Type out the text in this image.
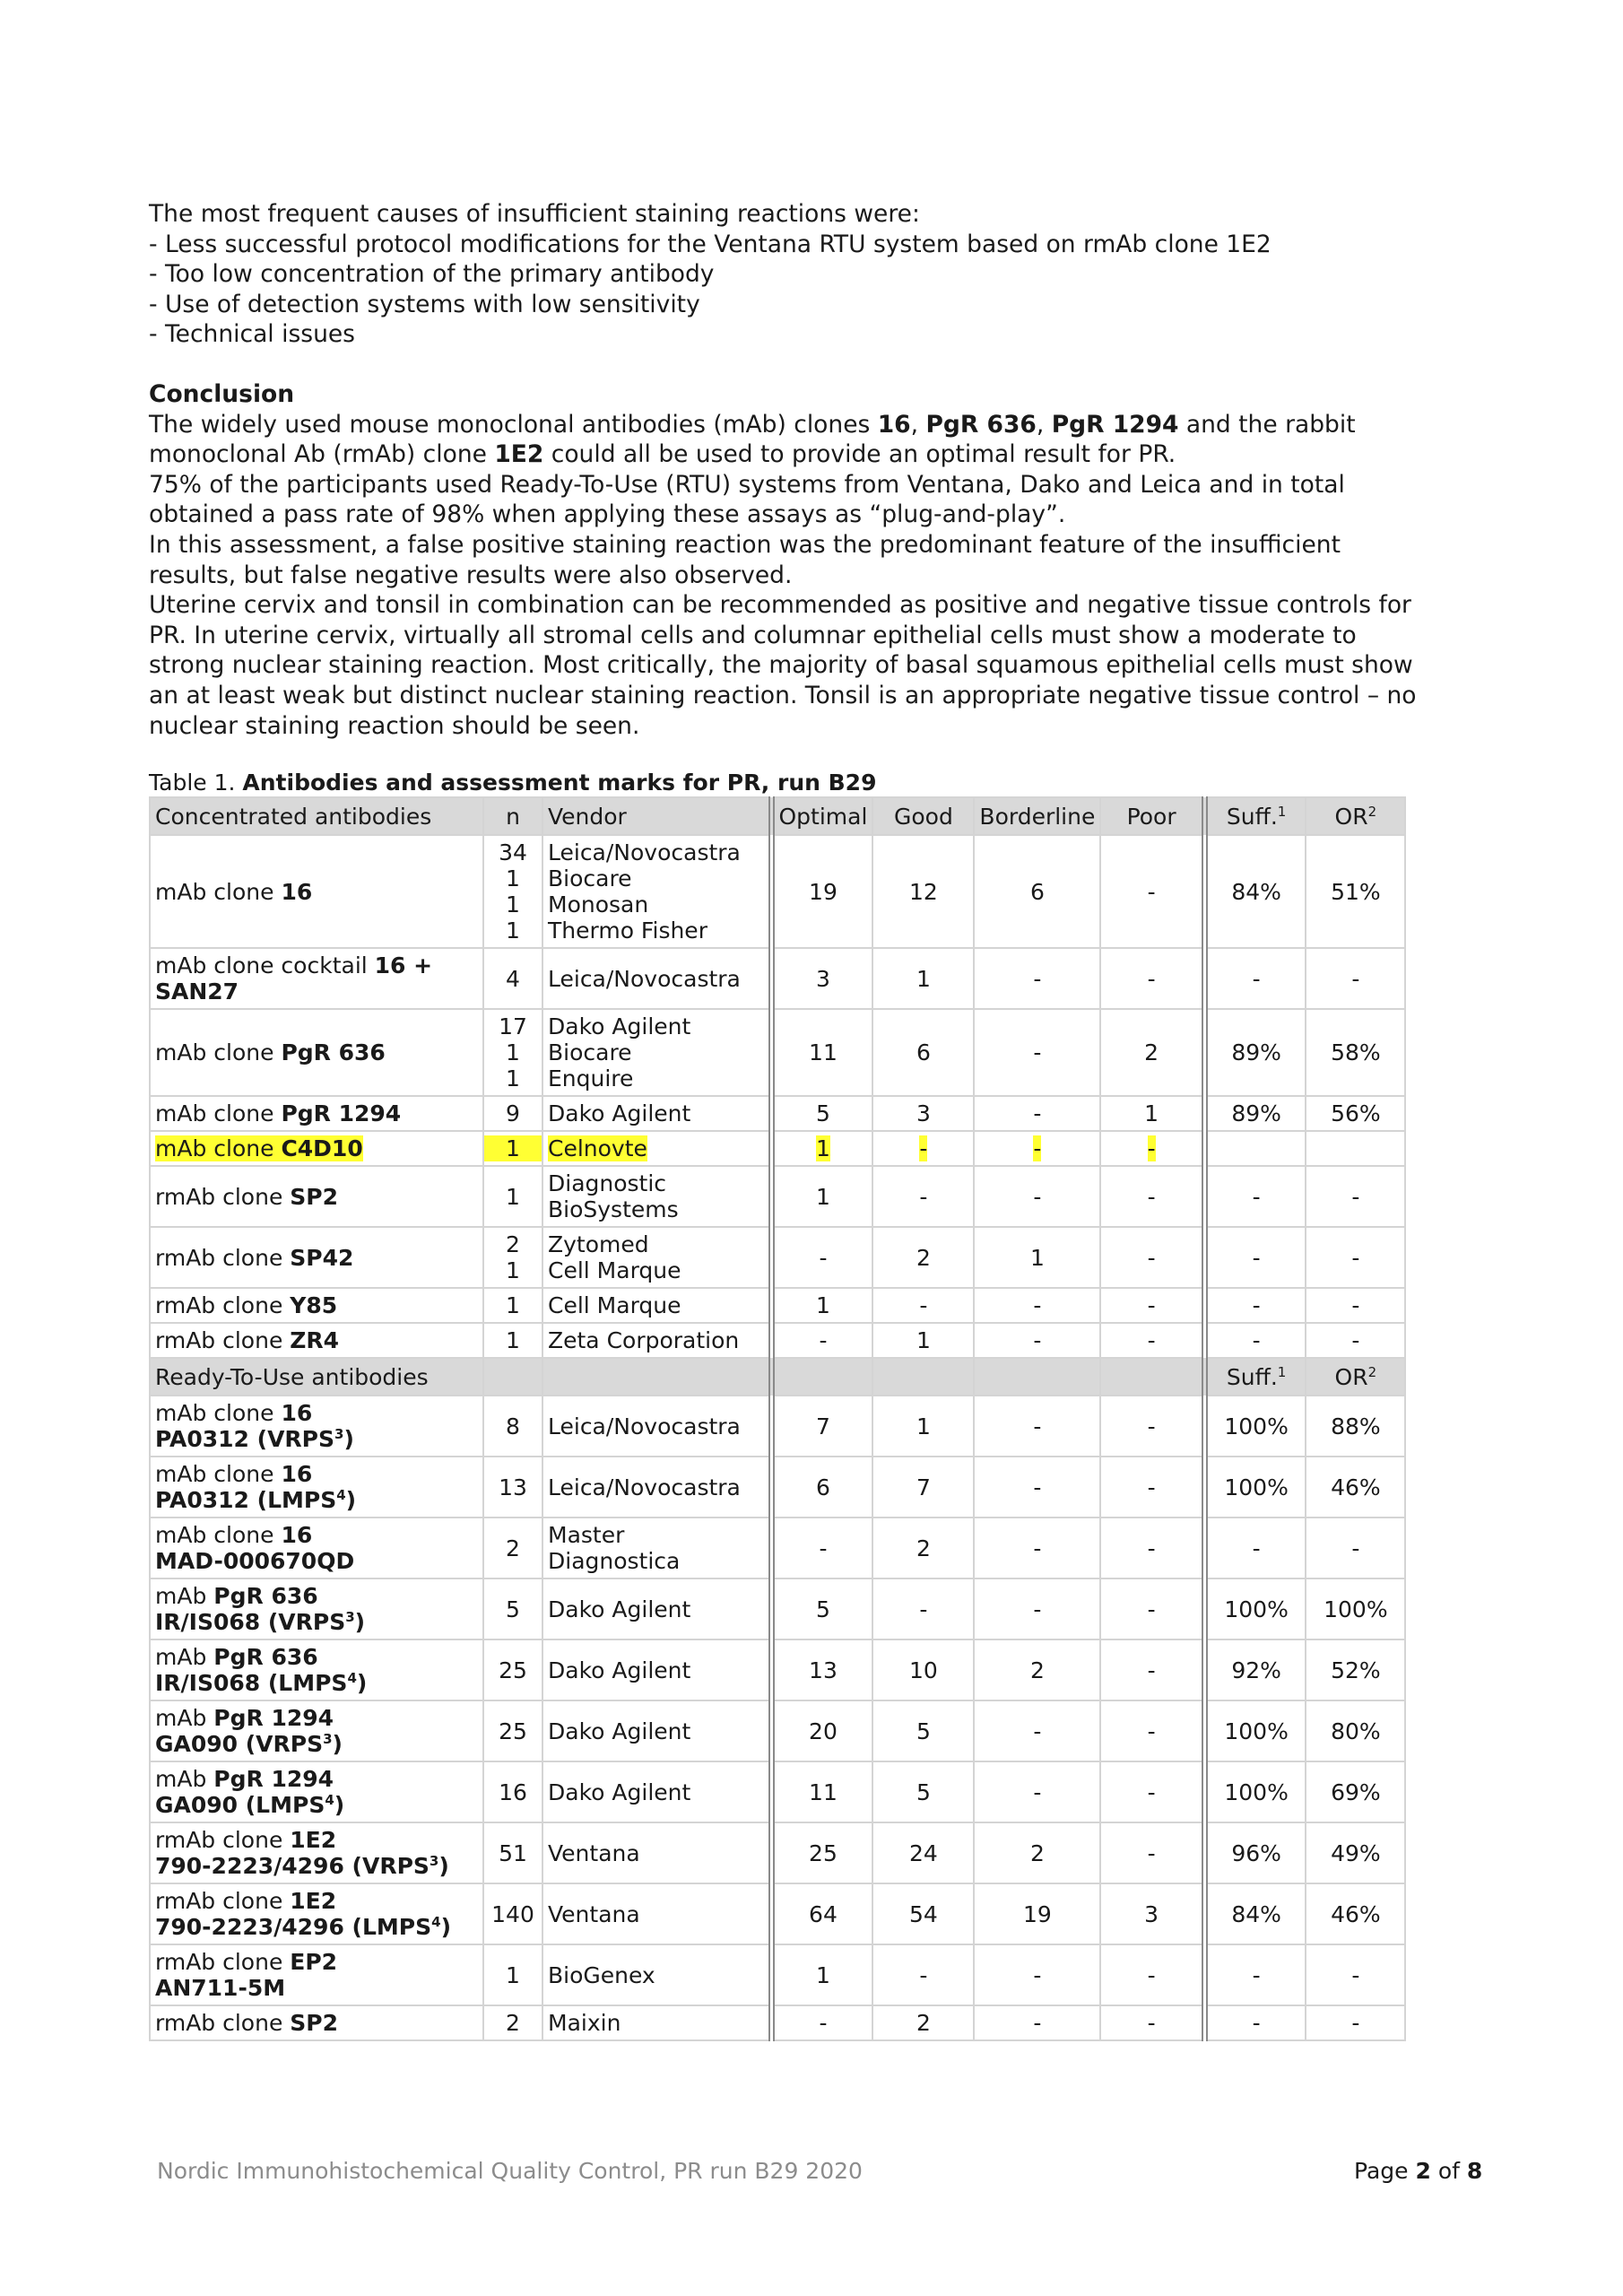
The most frequent causes of insufficient staining reactions were:

- Less successful protocol modifications for the Ventana RTU system based on rmAb clone 1E2

- Too low concentration of the primary antibody

- Use of detection systems with low sensitivity

- Technical issues

Conclusion

The widely used mouse monoclonal antibodies (mAb) clones 16, PgR 636, PgR 1294 and the rabbit

monoclonal Ab (rmAb) clone 1E2 could all be used to provide an optimal result for PR.

75% of the participants used Ready-To-Use (RTU) systems from Ventana, Dako and Leica and in total

obtained a pass rate of 98% when applying these assays as “plug-and-play”.

In this assessment, a false positive staining reaction was the predominant feature of the insufficient

results, but false negative results were also observed.

Uterine cervix and tonsil in combination can be recommended as positive and negative tissue controls for

PR. In uterine cervix, virtually all stromal cells and columnar epithelial cells must show a moderate to

strong nuclear staining reaction. Most critically, the majority of basal squamous epithelial cells must show

an at least weak but distinct nuclear staining reaction. Tonsil is an appropriate negative tissue control – no

nuclear staining reaction should be seen.

Table 1. Antibodies and assessment marks for PR, run B29
Concentrated antibodies	n	Vendor	Optimal	Good	Borderline	Poor	Suff.$^1$	$OR^2$
mAb clone 16	34
1
1
1	Leica/Novocastra
Biocare
Monosan
Thermo Fisher	19	12	6	-	84%	51%
mAb clone cocktail 16 +
SAN27	4	Leica/Novocastra	3	1	-	-	-	-
mAb clone PgR 636	17
1
1	Dako Agilent
Biocare
Enquire	11	6	-	2	89%	58%
mAb clone PgR 1294	9	Dako Agilent	5	3	-	1	89%	56%
mAb clone C4D10	1	Celnovte	1	-	-	-		
rmAb clone SP2	1	Diagnostic
BioSystems	1	-	-	-	-	-
rmAb clone SP42	2
1	Zytomed
Cell Marque	-	2	1	-	-	-
rmAb clone Y85	1	Cell Marque	1	-	-	-	-	-
rmAb clone ZR4	1	Zeta Corporation	-	1	-	-	-	-
Ready-To-Use antibodies							Suff.$^1$	$OR^2$
mAb clone 16
PA0312 (VRPS$^3$)	8	Leica/Novocastra	7	1	-	-	100%	88%
mAb clone 16
PA0312 (LMPS$^4$)	13	Leica/Novocastra	6	7	-	-	100%	46%
mAb clone 16
MAD-000670QD	2	Master Diagnostica	-	2	-	-	-	-
mAb PgR 636
IR/IS068 (VRPS$^3$)	5	Dako Agilent	5	-	-	-	100%	100%
mAb PgR 636
IR/IS068 (LMPS$^4$)	25	Dako Agilent	13	10	2	-	92%	52%
mAb PgR 1294
GA090 (VRPS$^3$)	25	Dako Agilent	20	5	-	-	100%	80%
mAb PgR 1294
GA090 (LMPS$^4$)	16	Dako Agilent	11	5	-	-	100%	69%
rmAb clone 1E2
790-2223/4296 (VRPS$^3$)	51	Ventana	25	24	2	-	96%	49%
rmAb clone 1E2
790-2223/4296 (LMPS$^4$)	140	Ventana	64	54	19	3	84%	46%
rmAb clone EP2
AN711-5M	1	BioGenex	1	-	-	-	-	-
rmAb clone SP2	2	Maixin	-	2	-	-	-	-
Nordic Immunohistochemical Quality Control, PR run B29 2020	Page 2 of 8
